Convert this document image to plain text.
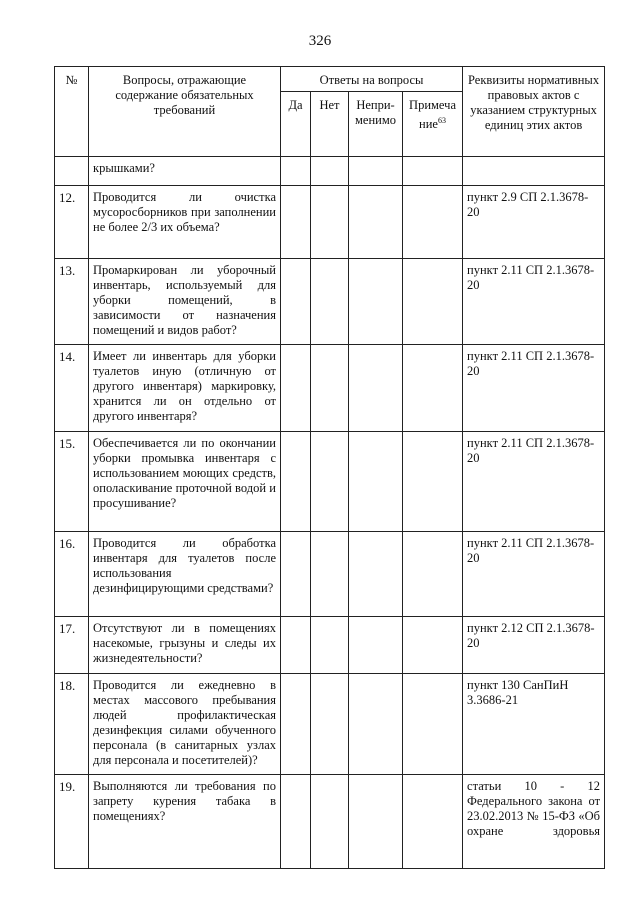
326
№	Вопросы, отражающие содержание обязательных требований	Ответы на вопросы				Реквизиты нормативных правовых актов с указанием структурных единиц этих актов
		Да	Нет	Непри-менимо	Примеча ние$^{63}$
	крышками?					
12.	Проводится ли очистка мусоросборников при заполнении не более 2/3 их объема?					пункт 2.9 СП 2.1.3678-20
13.	Промаркирован ли уборочный инвентарь, используемый для уборки помещений, в зависимости от назначения помещений и видов работ?					пункт 2.11 СП 2.1.3678-20
14.	Имеет ли инвентарь для уборки туалетов иную (отличную от другого инвентаря) маркировку, хранится ли он отдельно от другого инвентаря?					пункт 2.11 СП 2.1.3678-20
15.	Обеспечивается ли по окончании уборки промывка инвентаря с использованием моющих средств, ополаскивание проточной водой и просушивание?					пункт 2.11 СП 2.1.3678-20
16.	Проводится ли обработка инвентаря для туалетов после использования дезинфицирующими средствами?					пункт 2.11 СП 2.1.3678-20
17.	Отсутствуют ли в помещениях насекомые, грызуны и следы их жизнедеятельности?					пункт 2.12 СП 2.1.3678-20
18.	Проводится ли ежедневно в местах массового пребывания людей профилактическая дезинфекция силами обученного персонала (в санитарных узлах для персонала и посетителей)?					пункт 130 СанПиН 3.3686-21
19.	Выполняются ли требования по запрету курения табака в помещениях?					статьи 10 - 12 Федерального закона от 23.02.2013 № 15-ФЗ «Об охране здоровья
